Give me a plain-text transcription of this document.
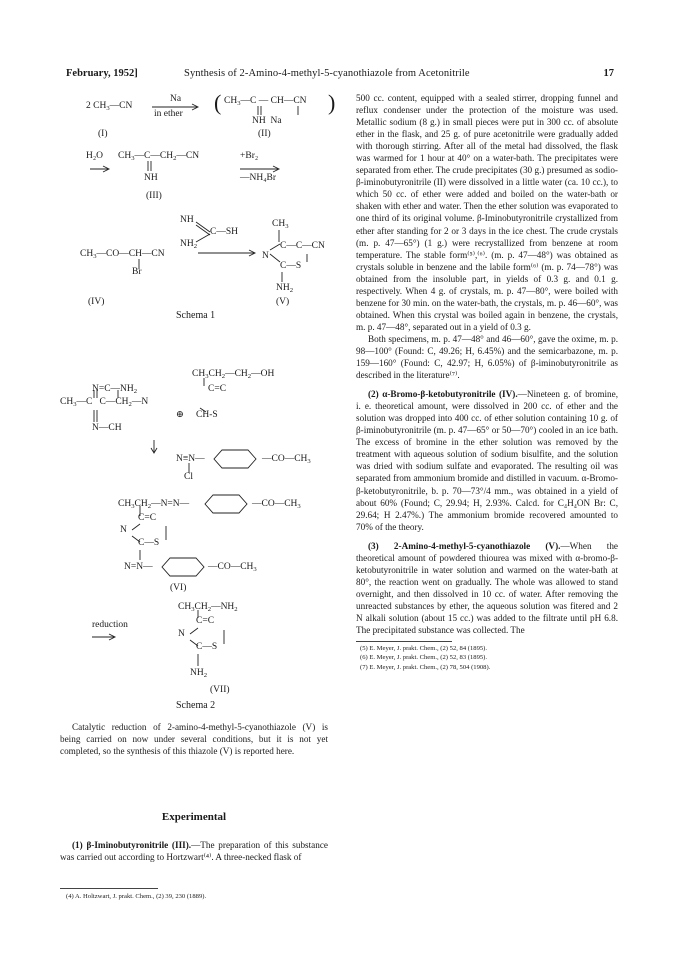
February, 1952]	Synthesis of 2-Amino-4-methyl-5-cyanothiazole from Acetonitrile	17
2 $CH_3—CN$
Na
in ether ( $CH_3—C$ — CH—CN )
NH  Na
(I)	(II)
H₂O $CH_3—C—CH_2—CN$
NH
+Br₂
—NH₄Br
(III)
NH
C—SH
$NH_2$
$CH_3—CO—CH—CN$
Br
$CH_3$
C—C—CN
N
C—S
$NH_2$
(IV)	(V)
Schema 1
$CH_3CH_2—CH_2—OH$
$N=C—NH_2$	C=C
$CH_3—C$   $C—CH_2—N$
⊕ CH-S
N—CH
N≡N—	$—CO—CH_3$
Cl
$CH_3CH_2—N=N—$	$—CO—CH_3$
C=C
N
C—S
N=N—	$—CO—CH_3$
(VI)
$CH_3CH_2—NH_2$
C=C
reduction
N
C—S
$NH_2$
(VII)
Schema 2

Catalytic reduction of 2-amino-4-methyl-5-cyanothiazole (V) is being carried on now under several conditions, but it is not yet completed, so the synthesis of this thiazole (V) is reported here.

Experimental

(1) β-Iminobutyronitrile (III).—The preparation of this substance was carried out according to Hortzwart⁽⁴⁾. A three-necked flask of

(4) A. Holtzwart, J. prakt. Chem., (2) 39, 230 (1889).

500 cc. content, equipped with a sealed stirrer, dropping funnel and reflux condenser under the protection of the moisture was used. Metallic sodium (8 g.) in small pieces were put in 300 cc. of absolute ether in the flask, and 25 g. of pure acetonitrile were gradually added with thorough stirring. After all of the metal had dissolved, the flask was warmed for 1 hour at 40° on a water-bath. The precipitates were separated from ether. The crude precipitates (30 g.) presumed as sodio-β-iminobutyronitrile (II) were dissolved in a little water (ca. 10 cc.), to which 50 cc. of ether were added and boiled on the water-bath or shaken with ether and water. Then the ether solution was evaporated to one third of its original volume. β-Iminobutyronitrile crystallized from ether after standing for 2 or 3 days in the ice chest. The crude crystals (m. p. 47—65°) (1 g.) were recrystallized from benzene at room temperature. The stable form⁽⁵⁾,⁽⁶⁾. (m. p. 47—48°) was obtained as crystals soluble in benzene and the labile form⁽⁶⁾ (m. p. 74—78°) was obtained from the insoluble part, in yields of 0.3 g. and 0.1 g. respectively. When 4 g. of crystals, m. p. 47—80°, were boiled with benzene for 30 min. on the water-bath, the crystals, m. p. 46—60°, was obtained. When this crystal was boiled again in benzene, the crystals, m. p. 47—48°, separated out in a yield of 0.3 g.

Both specimens, m. p. 47—48° and 46—60°, gave the oxime, m. p. 98—100° (Found: C, 49.26; H, 6.45%) and the semicarbazone, m. p. 159—160° (Found: C, 42.97; H, 6.05%) of β-iminobutyronitrile as described in the literature⁽⁷⁾.

(2) α-Bromo-β-ketobutyronitrile (IV).—Nineteen g. of bromine, i. e. theoretical amount, were dissolved in 200 cc. of ether and the solution was dropped into 400 cc. of ether solution containing 10 g. of β-iminobutyronitrile (m. p. 47—65° or 50—70°) cooled in an ice bath. The excess of bromine in the ether solution was removed by the treatment with aqueous solution of sodium bisulfite, and the solution was dried with sodium sulfate and evaporated. The resulting oil was separated from ammonium bromide and distilled in vacuum. α-Bromo-β-ketobutyronitrile, b. p. 70—73°/4 mm., was obtained in a yield of about 60% (Found; C, 29.94; H, 2.93%. Calcd. for C₄H₄ON Br: C, 29.64; H 2.47%.) The ammonium bromide recovered amounted to 70% of the theory.

(3) 2-Amino-4-methyl-5-cyanothiazole (V).—When the theoretical amount of powdered thiourea was mixed with α-bromo-β-ketobutyronitrile in water solution and warmed on the water-bath at 80°, the reaction went on gradually. The whole was allowed to stand overnight, and then dissolved in 10 cc. of water. After removing the unreacted substances by ether, the aqueous solution was fitered and 2 N alkali solution (about 15 cc.) was added to the filtrate until pH 6.8. The precipitated substance was collected. The

(5) E. Meyer, J. prakt. Chem., (2) 52, 84 (1895).
(6) E. Meyer, J. prakt. Chem., (2) 52, 83 (1895).
(7) E. Meyer, J. prakt. Chem., (2) 78, 504 (1908).
